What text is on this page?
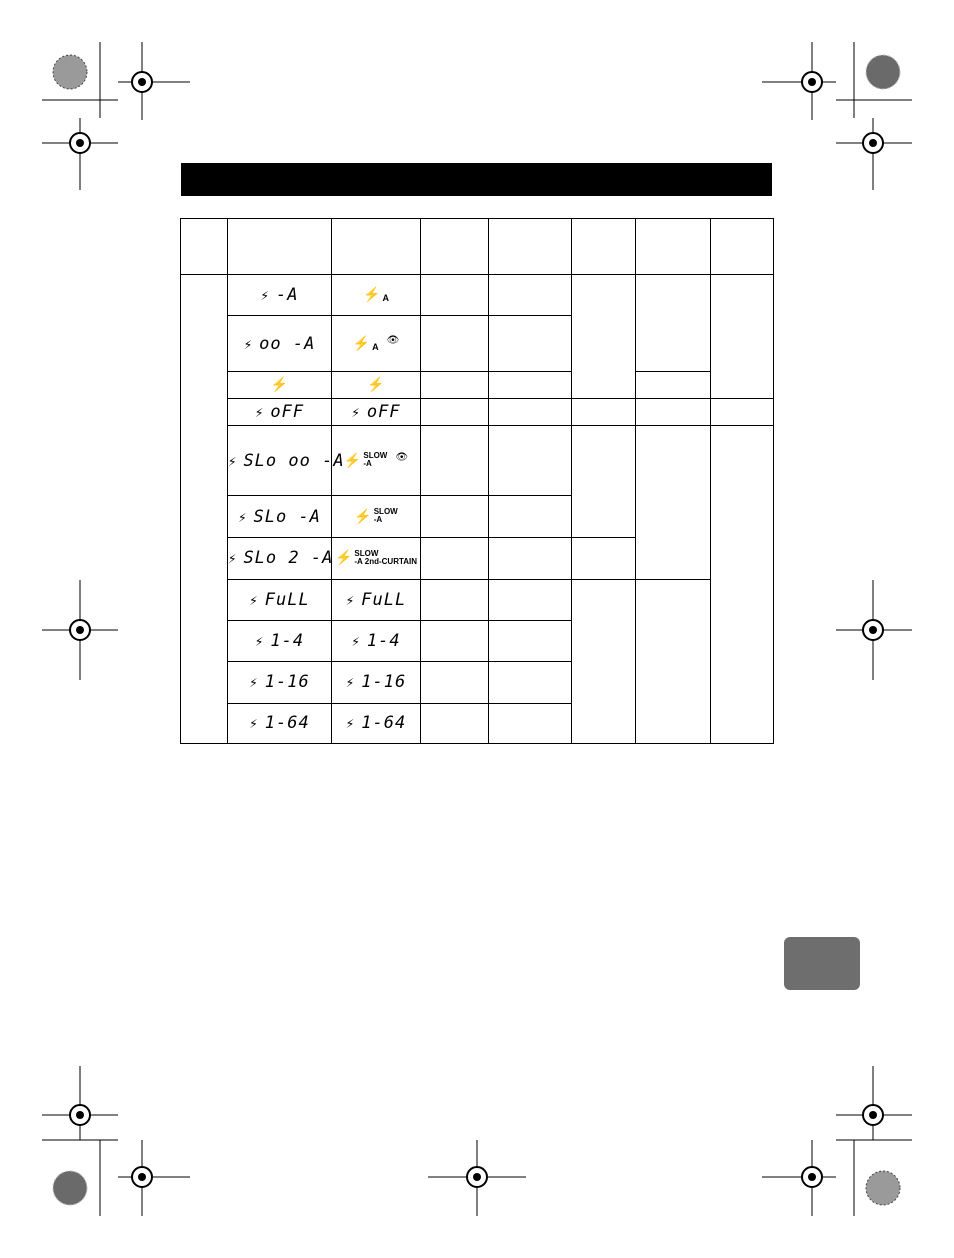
	⚡ -A	⚡ A					

	⚡ oo -A	⚡ A
👁					

	⚡	⚡					

	⚡ oFF	⚡ oFF					
	⚡ SLo oo -A	⚡ SLOW
-A
👁					

	⚡ SLo -A	⚡ SLOW
-A					

	⚡ SLo 2 -A	⚡ SLOW
-A 2nd-CURTAIN					

	⚡ FuLL	⚡ FuLL					
	⚡ 1-4	⚡ 1-4					
	⚡ 1-16	⚡ 1-16					
	⚡ 1-64	⚡ 1-64					
